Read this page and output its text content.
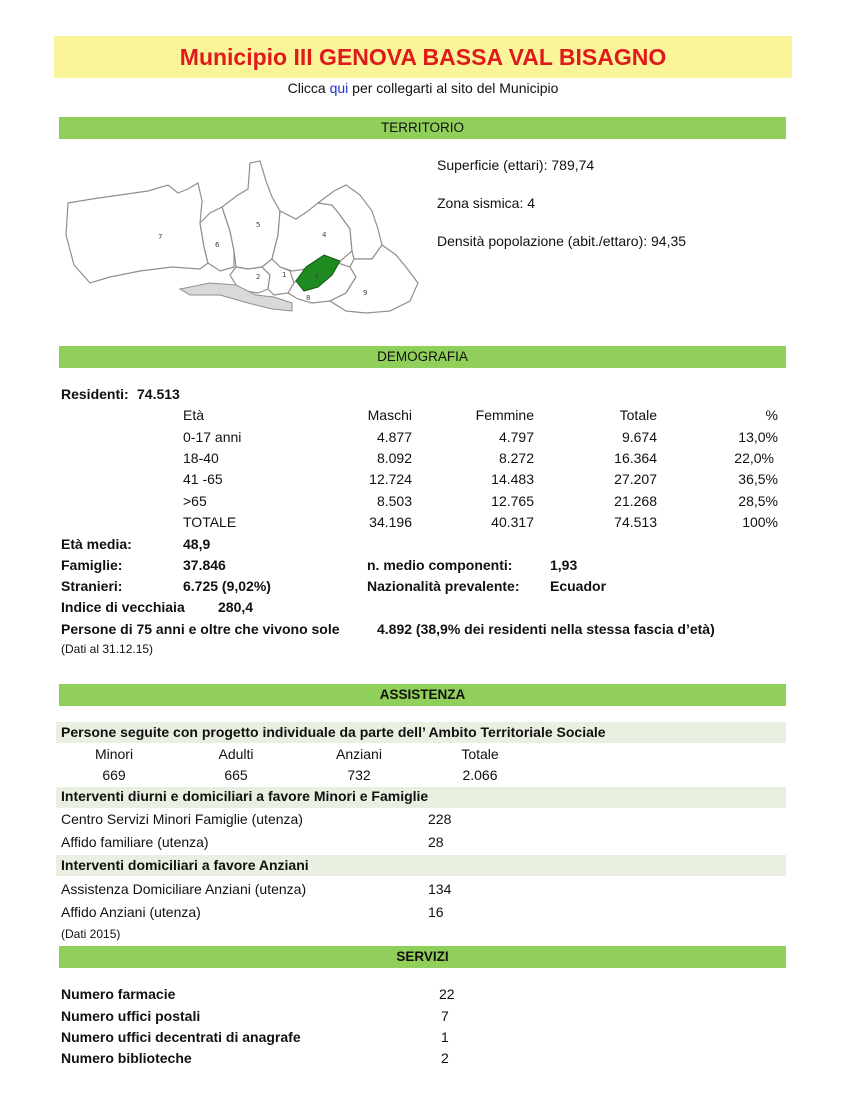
Municipio III GENOVA BASSA VAL BISAGNO
Clicca qui per collegarti al sito del Municipio
TERRITORIO
7
6
5
4
3
2	1
8
9
Superficie (ettari): 789,74
Zona sismica: 4
Densità popolazione (abit./ettaro): 94,35
DEMOGRAFIA
Residenti: 74.513
Età	Maschi	Femmine	Totale	%
0-17 anni	4.877	4.797	9.674	13,0%
18-40	8.092	8.272	16.364	22,0%
41 -65	12.724	14.483	27.207	36,5%
>65	8.503	12.765	21.268	28,5%
TOTALE	34.196	40.317	74.513	100%
Età media:	48,9
Famiglie:	37.846	n. medio componenti:	1,93
Stranieri:	6.725 (9,02%)	Nazionalità prevalente: Ecuador
Indice di vecchiaia 280,4
Persone di 75 anni e oltre che vivono sole	4.892 (38,9% dei residenti nella stessa fascia d’età)
(Dati al 31.12.15)
ASSISTENZA
Persone seguite con progetto individuale da parte dell’ Ambito Territoriale Sociale
Minori	Adulti	Anziani	Totale
669	665	732	2.066
Interventi diurni e domiciliari a favore Minori e Famiglie
Centro Servizi Minori Famiglie (utenza)	228
Affido familiare (utenza)	28
Interventi domiciliari a favore Anziani
Assistenza Domiciliare Anziani (utenza)	134
Affido Anziani (utenza)	16
(Dati 2015)
SERVIZI
Numero farmacie	22
Numero uffici postali	7
Numero uffici decentrati di anagrafe	1
Numero biblioteche	2
